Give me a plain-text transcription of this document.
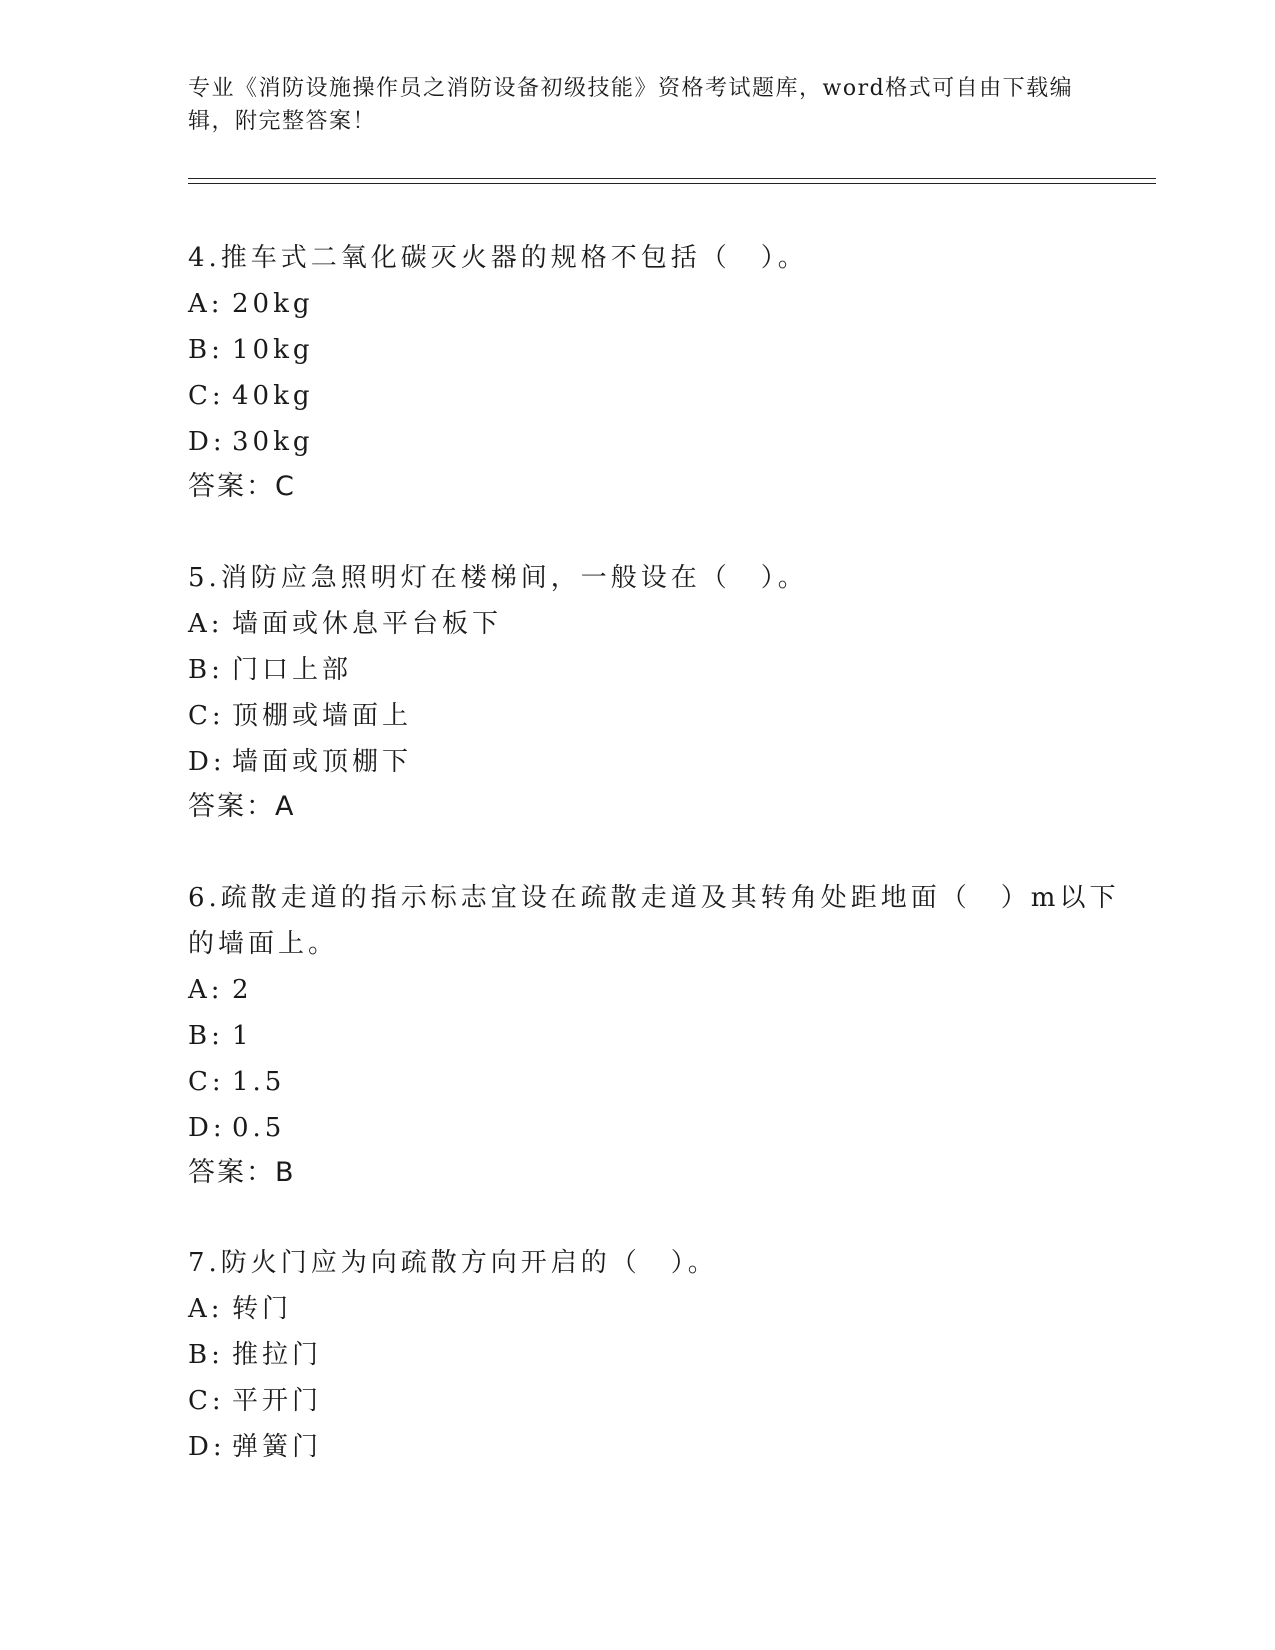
专业《消防设施操作员之消防设备初级技能》资格考试题库，word格式可自由下载编辑，附完整答案！
4.推车式二氧化碳灭火器的规格不包括（　）。
A: 20kg
B: 10kg
C: 40kg
D: 30kg
答案：C
5.消防应急照明灯在楼梯间，一般设在（　）。
A: 墙面或休息平台板下
B: 门口上部
C: 顶棚或墙面上
D: 墙面或顶棚下
答案：A
6.疏散走道的指示标志宜设在疏散走道及其转角处距地面（　）m以下的墙面上。
A: 2
B: 1
C: 1.5
D: 0.5
答案：B
7.防火门应为向疏散方向开启的（　）。
A: 转门
B: 推拉门
C: 平开门
D: 弹簧门
